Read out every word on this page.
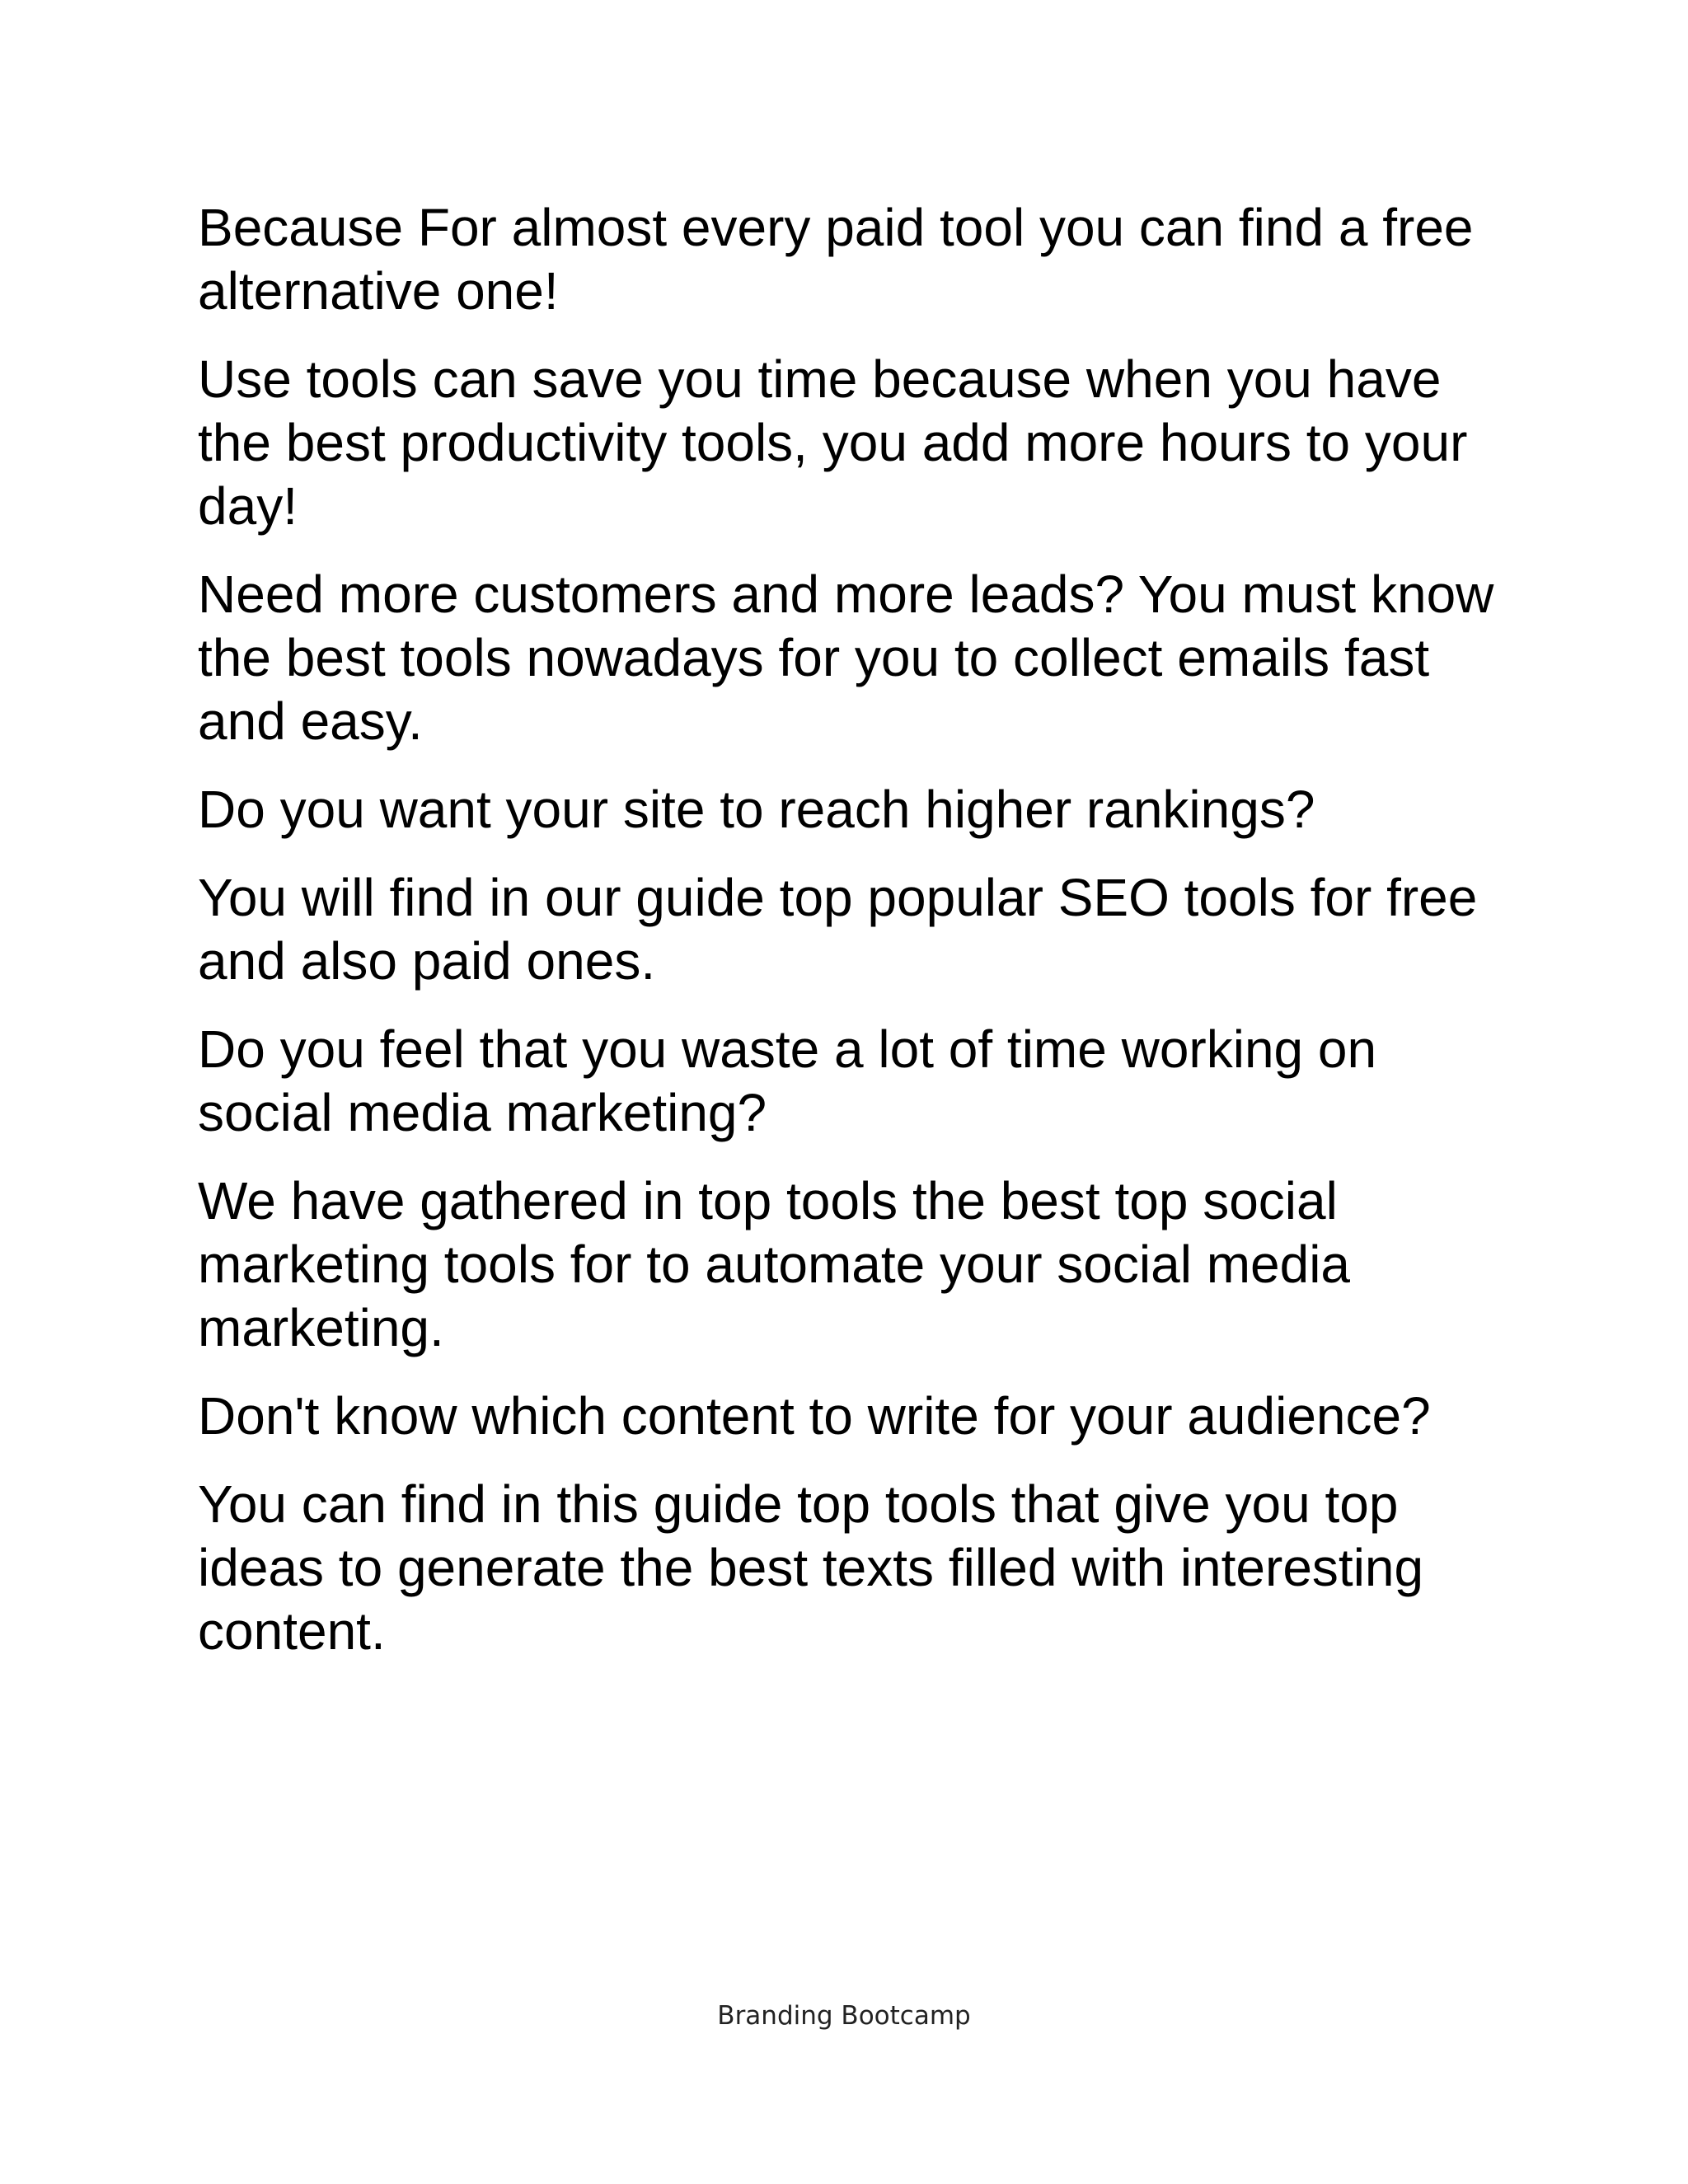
Because For almost every paid tool you can find a free alternative one!

Use tools can save you time because when you have the best productivity tools, you add more hours to your day!

Need more customers and more leads? You must know the best tools nowadays for you to collect emails fast and easy.

Do you want your site to reach higher rankings?

You will find in our guide top popular SEO tools for free and also paid ones.

Do you feel that you waste a lot of time working on social media marketing?

We have gathered in top tools the best top social marketing tools for to automate your social media marketing.

Don't know which content to write for your audience?

You can find in this guide top tools that give you top ideas to generate the best texts filled with interesting content.

Branding Bootcamp
